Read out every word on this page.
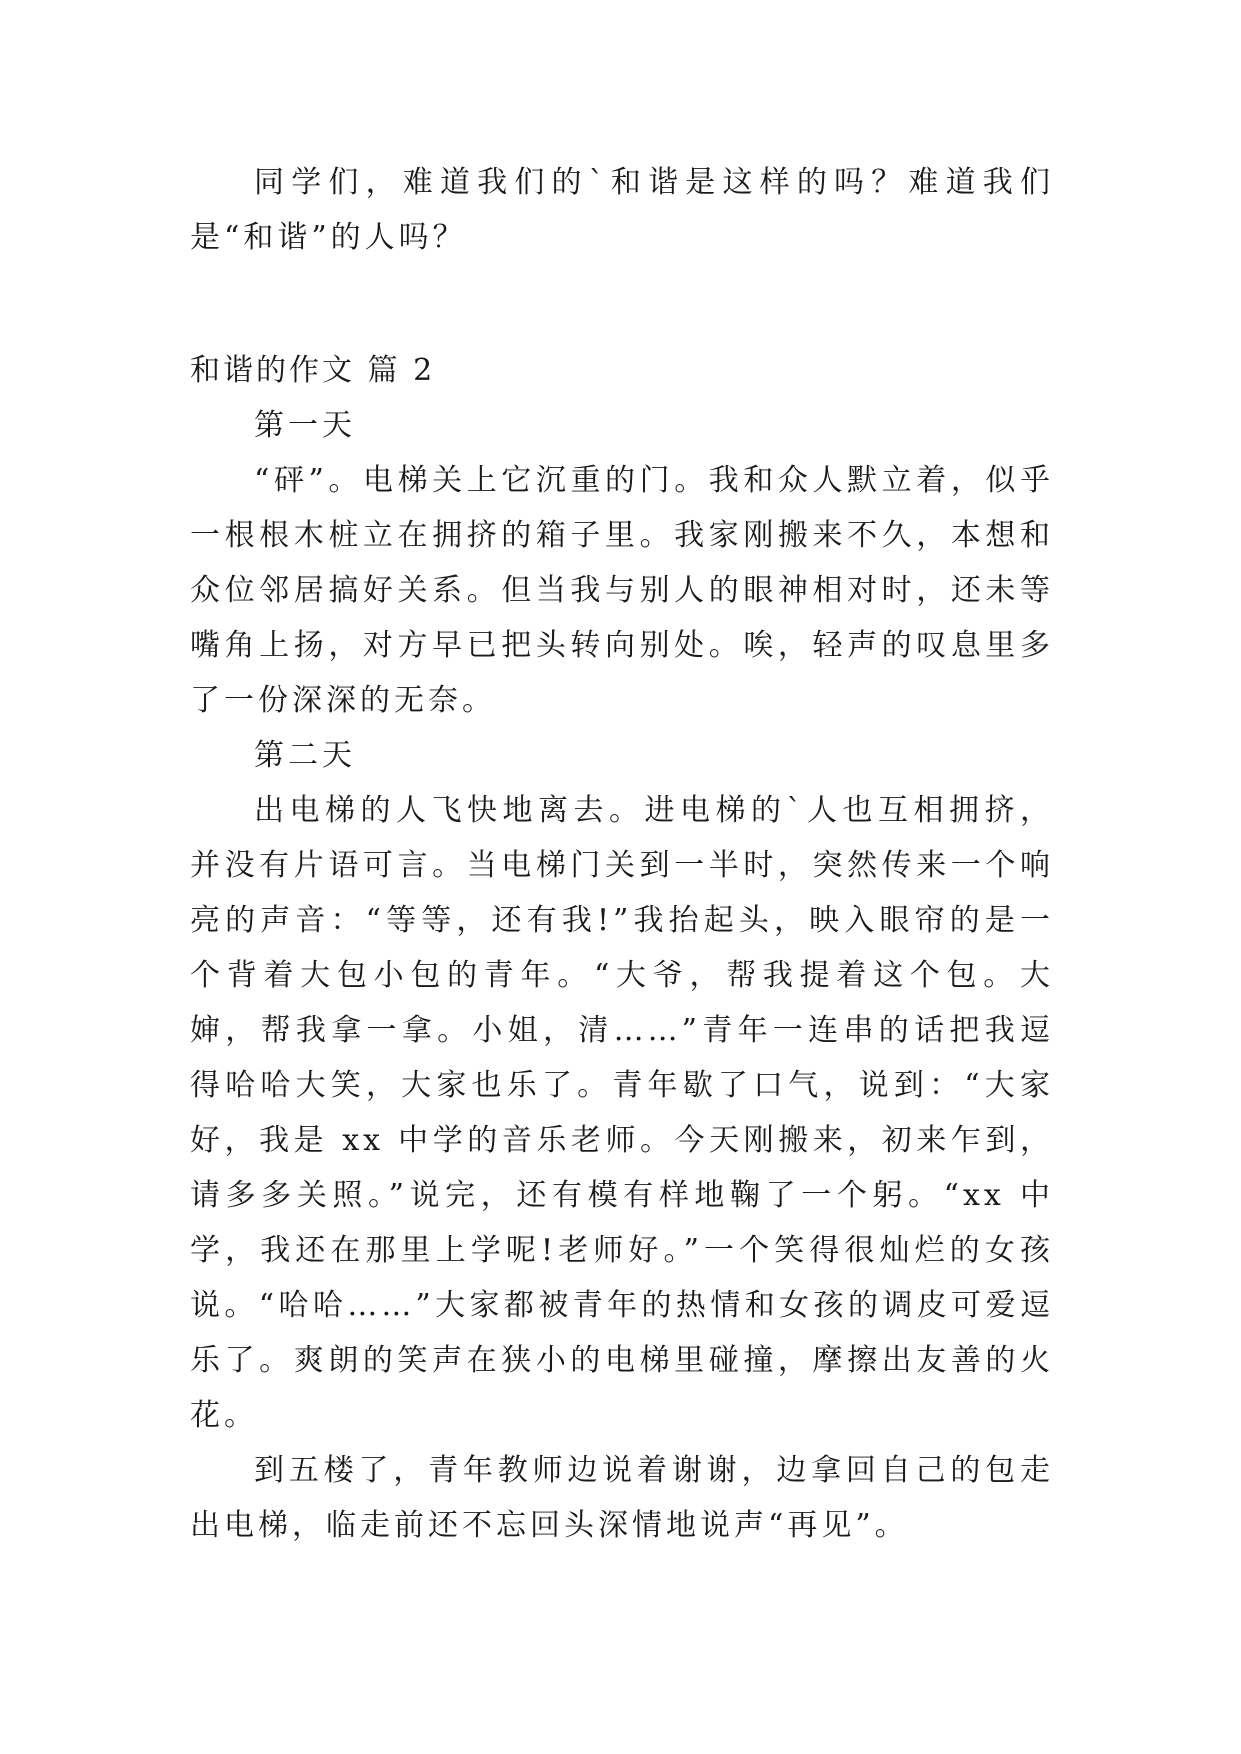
同学们，难道我们的`和谐是这样的吗？难道我们是“和谐”的人吗？

和谐的作文 篇 2

第一天

“砰”。电梯关上它沉重的门。我和众人默立着，似乎一根根木桩立在拥挤的箱子里。我家刚搬来不久，本想和众位邻居搞好关系。但当我与别人的眼神相对时，还未等嘴角上扬，对方早已把头转向别处。唉，轻声的叹息里多了一份深深的无奈。

第二天

出电梯的人飞快地离去。进电梯的`人也互相拥挤，并没有片语可言。当电梯门关到一半时，突然传来一个响亮的声音：“等等，还有我!”我抬起头，映入眼帘的是一个背着大包小包的青年。“大爷，帮我提着这个包。大婶，帮我拿一拿。小姐，清……”青年一连串的话把我逗得哈哈大笑，大家也乐了。青年歇了口气，说到：“大家好，我是 xx 中学的音乐老师。今天刚搬来，初来乍到，请多多关照。”说完，还有模有样地鞠了一个躬。“xx 中学，我还在那里上学呢!老师好。”一个笑得很灿烂的女孩说。“哈哈……”大家都被青年的热情和女孩的调皮可爱逗乐了。爽朗的笑声在狭小的电梯里碰撞，摩擦出友善的火花。

到五楼了，青年教师边说着谢谢，边拿回自己的包走出电梯，临走前还不忘回头深情地说声“再见”。
